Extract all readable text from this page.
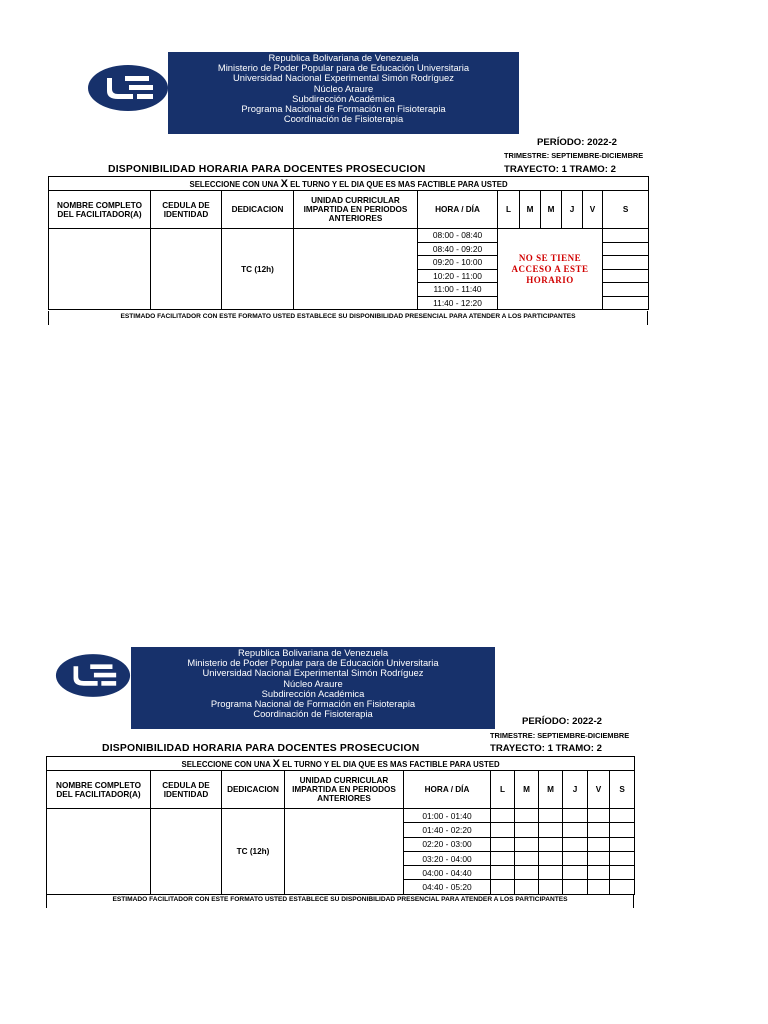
Republica Bolivariana de Venezuela
Ministerio de Poder Popular para de Educación Universitaria
Universidad Nacional Experimental Simón Rodríguez
Núcleo Araure
Subdirección Académica
Programa Nacional de Formación en Fisioterapia
Coordinación de Fisioterapia
PERÍODO: 2022-2
TRIMESTRE: SEPTIEMBRE-DICIEMBRE
TRAYECTO: 1 TRAMO: 2
DISPONIBILIDAD HORARIA PARA DOCENTES PROSECUCION
SELECCIONE CON UNA X EL TURNO Y EL DIA QUE ES MAS FACTIBLE PARA USTED										
NOMBRE COMPLETO DEL FACILITADOR(A)	CEDULA DE IDENTIDAD	DEDICACION	UNIDAD CURRICULAR IMPARTIDA EN PERIODOS ANTERIORES	HORA / DÍA	L	M	M	J	V	S
		TC (12h)		08:00 - 08:40	NO SE TIENE ACCESO A ESTE HORARIO					
				08:40 - 09:20						
				09:20 - 10:00						
				10:20 - 11:00						
				11:00 - 11:40						
				11:40 - 12:20						
ESTIMADO FACILITADOR CON ESTE FORMATO USTED ESTABLECE SU DISPONIBILIDAD PRESENCIAL PARA ATENDER A LOS PARTICIPANTES
Republica Bolivariana de Venezuela
Ministerio de Poder Popular para de Educación Universitaria
Universidad Nacional Experimental Simón Rodríguez
Núcleo Araure
Subdirección Académica
Programa Nacional de Formación en Fisioterapia
Coordinación de Fisioterapia
PERÍODO: 2022-2
TRIMESTRE: SEPTIEMBRE-DICIEMBRE
TRAYECTO: 1 TRAMO: 2
DISPONIBILIDAD HORARIA PARA DOCENTES PROSECUCION
SELECCIONE CON UNA X EL TURNO Y EL DIA QUE ES MAS FACTIBLE PARA USTED										
NOMBRE COMPLETO DEL FACILITADOR(A)	CEDULA DE IDENTIDAD	DEDICACION	UNIDAD CURRICULAR IMPARTIDA EN PERIODOS ANTERIORES	HORA / DÍA	L	M	M	J	V	S
		TC (12h)		01:00 - 01:40						
				01:40 - 02:20						
				02:20 - 03:00						
				03:20 - 04:00						
				04:00 - 04:40						
				04:40 - 05:20						
ESTIMADO FACILITADOR CON ESTE FORMATO USTED ESTABLECE SU DISPONIBILIDAD PRESENCIAL PARA ATENDER A LOS PARTICIPANTES
